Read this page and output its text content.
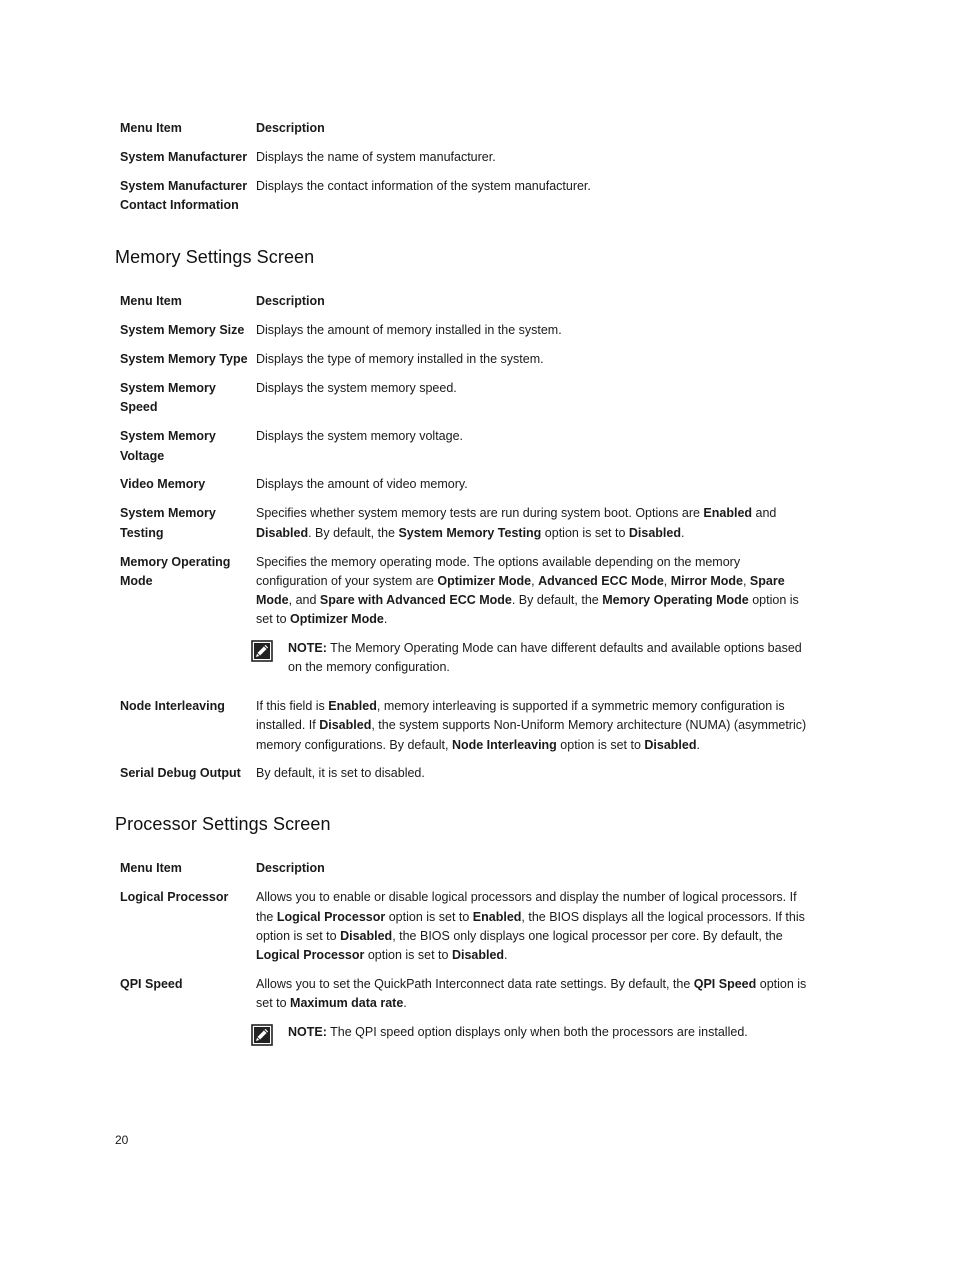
Menu Item	Description
System Manufacturer	Displays the name of system manufacturer.
System Manufacturer Contact Information	Displays the contact information of the system manufacturer.
Memory Settings Screen
Menu Item	Description
System Memory Size	Displays the amount of memory installed in the system.
System Memory Type	Displays the type of memory installed in the system.
System Memory Speed	Displays the system memory speed.
System Memory Voltage	Displays the system memory voltage.
Video Memory	Displays the amount of video memory.
System Memory Testing	Specifies whether system memory tests are run during system boot. Options are Enabled and Disabled. By default, the System Memory Testing option is set to Disabled.
Memory Operating Mode	Specifies the memory operating mode. The options available depending on the memory configuration of your system are Optimizer Mode, Advanced ECC Mode, Mirror Mode, Spare Mode, and Spare with Advanced ECC Mode. By default, the Memory Operating Mode option is set to Optimizer Mode.
NOTE: The Memory Operating Mode can have different defaults and available options based on the memory configuration.

Node Interleaving	If this field is Enabled, memory interleaving is supported if a symmetric memory configuration is installed. If Disabled, the system supports Non-Uniform Memory architecture (NUMA) (asymmetric) memory configurations. By default, Node Interleaving option is set to Disabled.
Serial Debug Output	By default, it is set to disabled.
Processor Settings Screen
Menu Item	Description
Logical Processor	Allows you to enable or disable logical processors and display the number of logical processors. If the Logical Processor option is set to Enabled, the BIOS displays all the logical processors. If this option is set to Disabled, the BIOS only displays one logical processor per core. By default, the Logical Processor option is set to Disabled.
QPI Speed	Allows you to set the QuickPath Interconnect data rate settings. By default, the QPI Speed option is set to Maximum data rate.
NOTE: The QPI speed option displays only when both the processors are installed.
20
